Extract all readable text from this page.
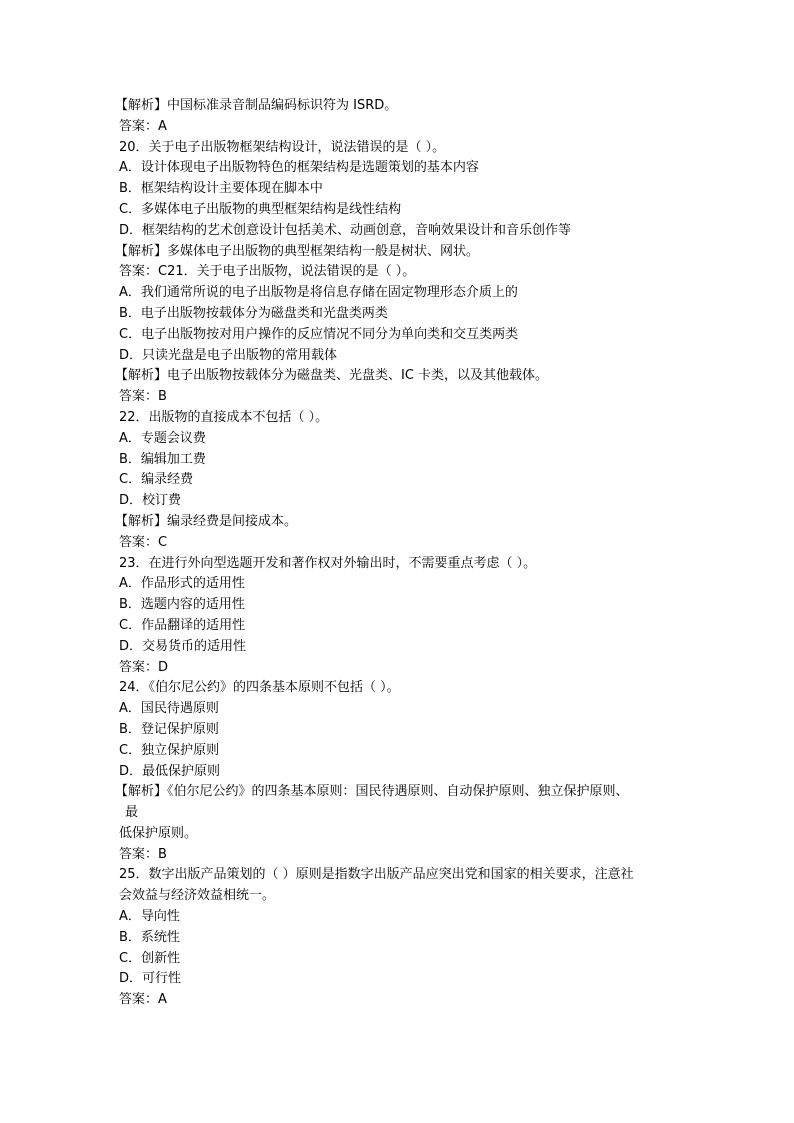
【解析】中国标准录音制品编码标识符为 ISRD。
答案：A
20．关于电子出版物框架结构设计，说法错误的是（ ）。
A．设计体现电子出版物特色的框架结构是选题策划的基本内容
B．框架结构设计主要体现在脚本中
C．多媒体电子出版物的典型框架结构是线性结构
D．框架结构的艺术创意设计包括美术、动画创意，音响效果设计和音乐创作等
【解析】多媒体电子出版物的典型框架结构一般是树状、网状。
答案：C21．关于电子出版物，说法错误的是（ ）。
A．我们通常所说的电子出版物是将信息存储在固定物理形态介质上的
B．电子出版物按载体分为磁盘类和光盘类两类
C．电子出版物按对用户操作的反应情况不同分为单向类和交互类两类
D．只读光盘是电子出版物的常用载体
【解析】电子出版物按载体分为磁盘类、光盘类、IC 卡类，以及其他载体。
答案：B
22．出版物的直接成本不包括（ ）。
A．专题会议费
B．编辑加工费
C．编录经费
D．校订费
【解析】编录经费是间接成本。
答案：C
23．在进行外向型选题开发和著作权对外输出时，不需要重点考虑（ ）。
A．作品形式的适用性
B．选题内容的适用性
C．作品翻译的适用性
D．交易货币的适用性
答案：D
24．《伯尔尼公约》的四条基本原则不包括（ ）。
A．国民待遇原则
B．登记保护原则
C．独立保护原则
D．最低保护原则
【解析】《伯尔尼公约》的四条基本原则：国民待遇原则、自动保护原则、独立保护原则、
最
低保护原则。
答案：B
25．数字出版产品策划的（ ）原则是指数字出版产品应突出党和国家的相关要求，注意社
会效益与经济效益相统一。
A．导向性
B．系统性
C．创新性
D．可行性
答案：A
